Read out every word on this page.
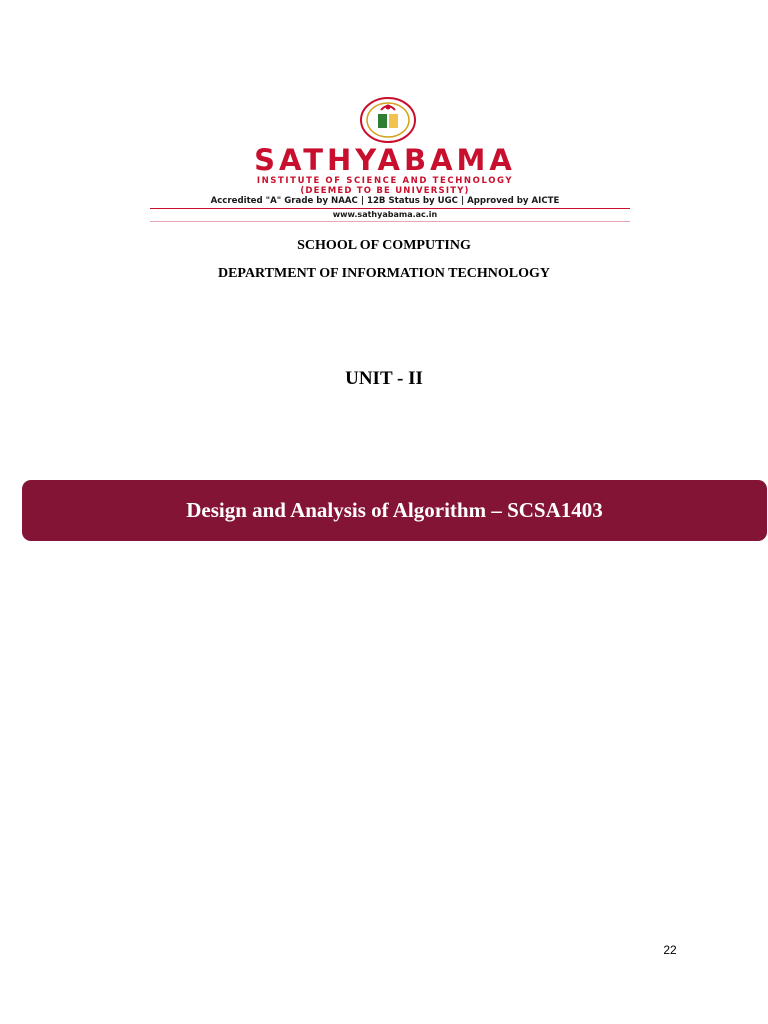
SATHYABAMA
INSTITUTE OF SCIENCE AND TECHNOLOGY
(DEEMED TO BE UNIVERSITY)
Accredited "A" Grade by NAAC | 12B Status by UGC | Approved by AICTE
www.sathyabama.ac.in
SCHOOL OF COMPUTING
DEPARTMENT OF INFORMATION TECHNOLOGY
UNIT - II
Design and Analysis of Algorithm – SCSA1403
22
